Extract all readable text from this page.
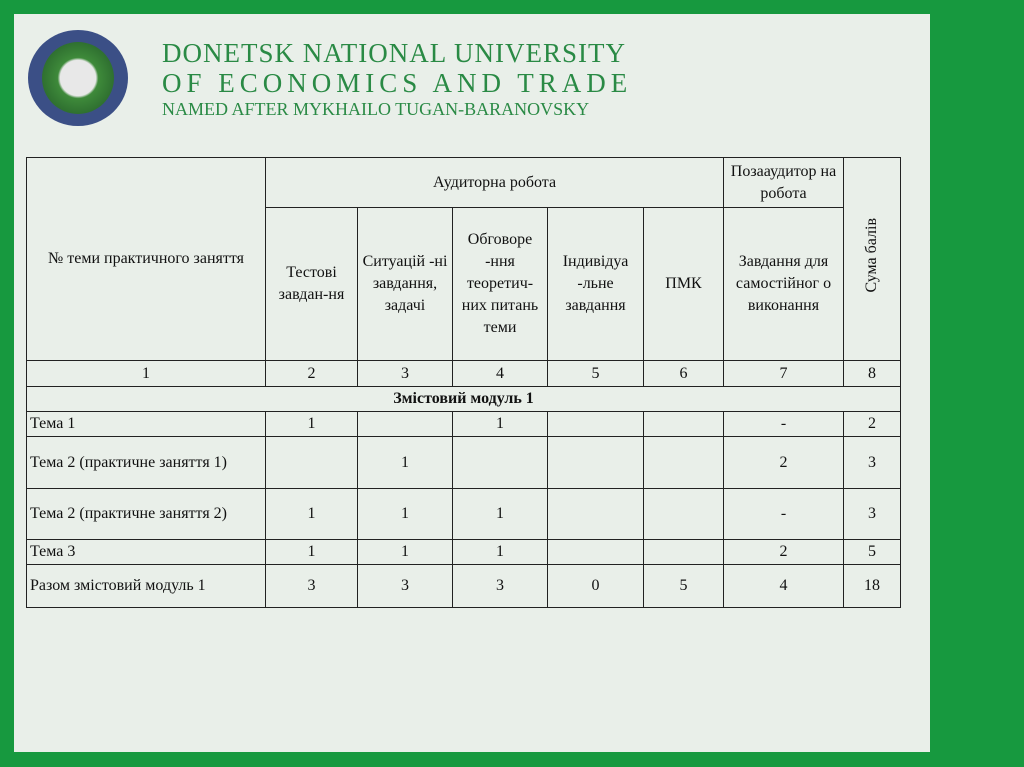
DONETSK NATIONAL UNIVERSITY
OF ECONOMICS AND TRADE
NAMED AFTER MYKHAILO TUGAN-BARANOVSKY
№ теми практичного заняття	Аудиторна робота					Позааудитор на робота	Сума балів
	Тестові завдан-ня	Ситуацій -ні завдання, задачі	Обговоре -ння теоретич-них питань теми	Індивідуа -льне завдання	ПМК	Завдання для самостійног о виконання	
1	2	3	4	5	6	7	8
Змістовий модуль 1							
Тема 1	1		1			-	2
Тема 2 (практичне заняття 1)		1				2	3
Тема 2 (практичне заняття 2)	1	1	1			-	3
Тема 3	1	1	1			2	5
Разом змістовий модуль 1	3	3	3	0	5	4	18
